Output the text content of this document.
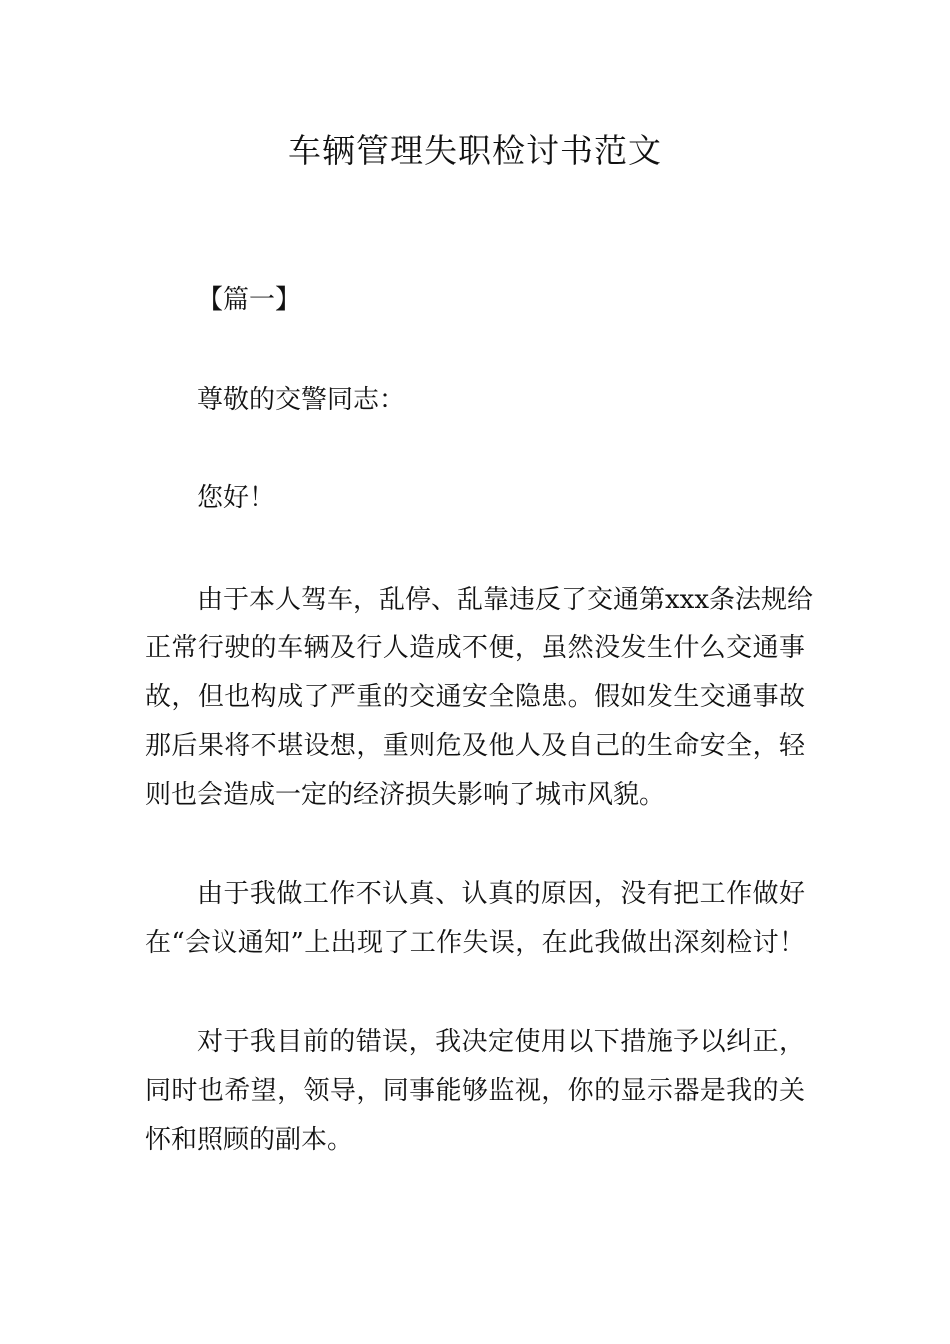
车辆管理失职检讨书范文
【篇一】
尊敬的交警同志：
您好！
由于本人驾车，乱停、乱靠违反了交通第xxx条法规给
正常行驶的车辆及行人造成不便，虽然没发生什么交通事
故，但也构成了严重的交通安全隐患。假如发生交通事故
那后果将不堪设想，重则危及他人及自己的生命安全，轻
则也会造成一定的经济损失影响了城市风貌。
由于我做工作不认真、认真的原因，没有把工作做好
在“会议通知”上出现了工作失误，在此我做出深刻检讨！
对于我目前的错误，我决定使用以下措施予以纠正，
同时也希望，领导，同事能够监视，你的显示器是我的关
怀和照顾的副本。
